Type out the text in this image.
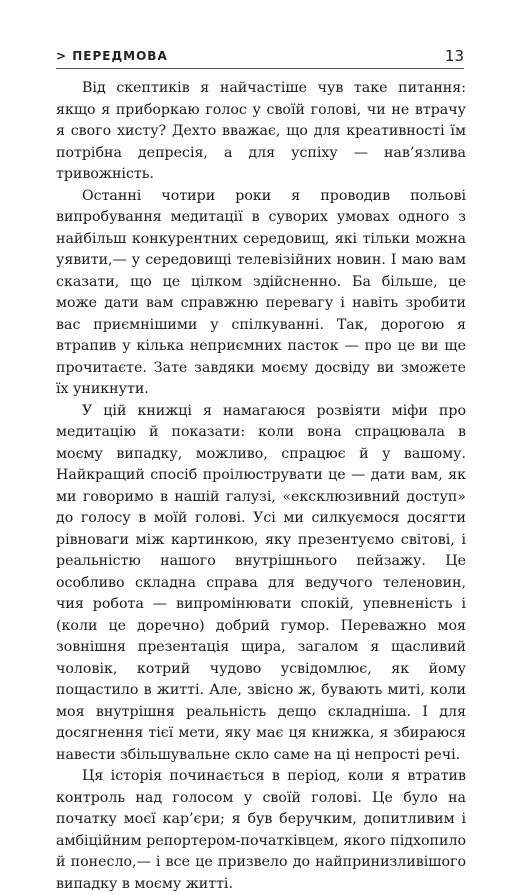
> ПЕРЕДМОВА	13

Від скептиків я найчастіше чув таке питання: якщо я приборкаю голос у своїй голові, чи не втрачу я свого хисту? Дехто вважає, що для креативності їм потрібна депресія, а для успіху — нав’язлива тривожність.

Останні чотири роки я проводив польові випробування медитації в суворих умовах одного з найбільш конкурентних середовищ, які тільки можна уявити,— у середовищі телевізійних новин. І маю вам сказати, що це цілком здійсненно. Ба більше, це може дати вам справжню перевагу і навіть зробити вас приємнішими у спілкуванні. Так, дорогою я втрапив у кілька неприємних пасток — про це ви ще прочитаєте. Зате завдяки моєму досвіду ви зможете їх уникнути.

У цій книжці я намагаюся розвіяти міфи про медитацію й показати: коли вона спрацювала в моєму випадку, можливо, спрацює й у вашому. Найкращий спосіб проілюструвати це — дати вам, як ми говоримо в нашій галузі, «ексклюзивний доступ» до голосу в моїй голові. Усі ми силкуємося досягти рівноваги між картинкою, яку презентуємо світові, і реальністю нашого внутрішнього пейзажу. Це особливо складна справа для ведучого теленовин, чия робота — випромінювати спокій, упевненість і (коли це доречно) добрий гумор. Переважно моя зовнішня презентація щира, загалом я щасливий чоловік, котрий чудово усвідомлює, як йому пощастило в житті. Але, звісно ж, бувають миті, коли моя внутрішня реальність дещо складніша. І для досягнення тієї мети, яку має ця книжка, я збираюся навести збільшувальне скло саме на ці непрості речі.

Ця історія починається в період, коли я втратив контроль над голосом у своїй голові. Це було на початку моєї кар’єри; я був беручким, допитливим і амбіційним репортером-початківцем, якого підхопило й понесло,— і все це призвело до найпринизливішого випадку в моєму житті.
